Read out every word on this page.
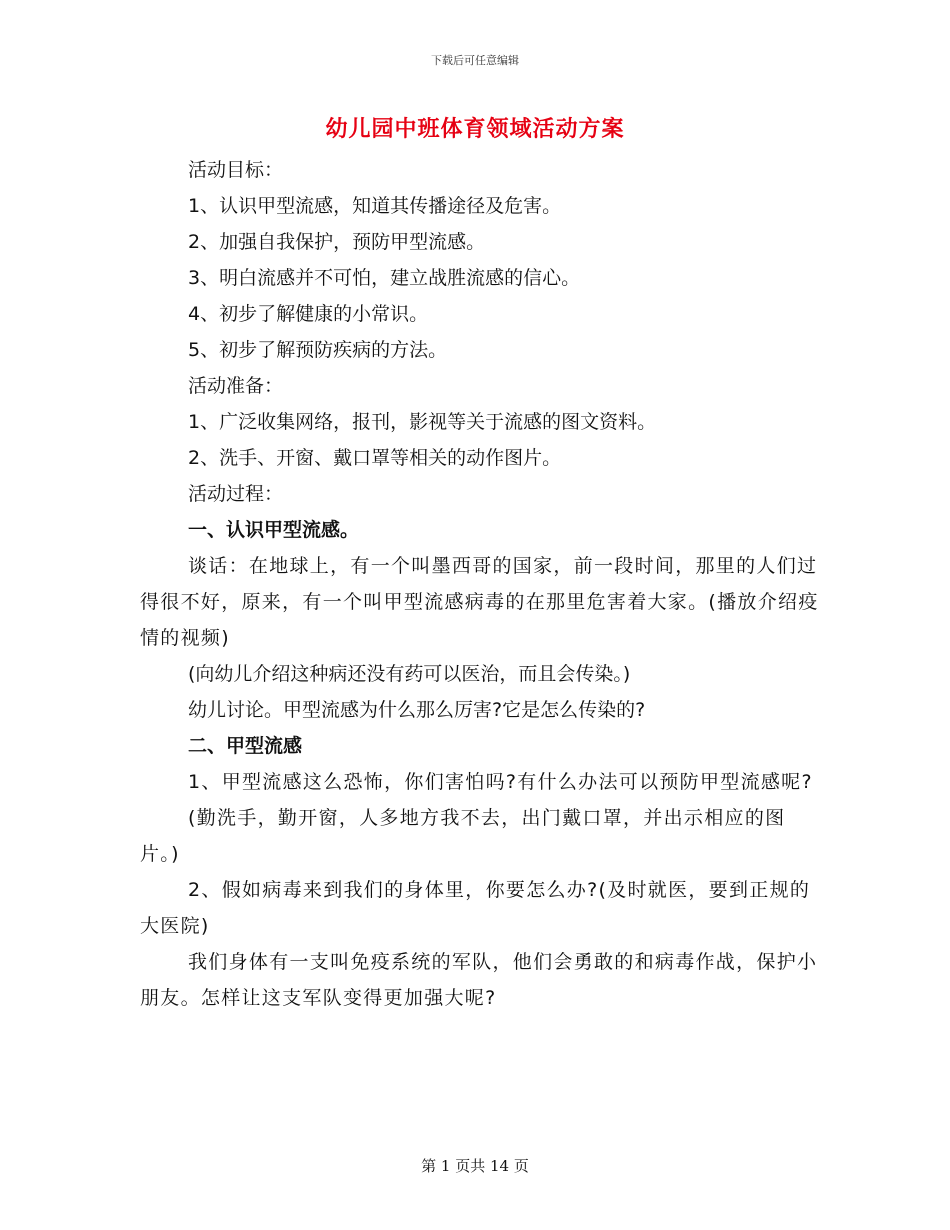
下载后可任意编辑
幼儿园中班体育领域活动方案

活动目标：

1、认识甲型流感，知道其传播途径及危害。

2、加强自我保护，预防甲型流感。

3、明白流感并不可怕，建立战胜流感的信心。

4、初步了解健康的小常识。

5、初步了解预防疾病的方法。

活动准备：

1、广泛收集网络，报刊，影视等关于流感的图文资料。

2、洗手、开窗、戴口罩等相关的动作图片。

活动过程：

一、认识甲型流感。

谈话：在地球上，有一个叫墨西哥的国家，前一段时间，那里的人们过得很不好，原来，有一个叫甲型流感病毒的在那里危害着大家。(播放介绍疫情的视频)

(向幼儿介绍这种病还没有药可以医治，而且会传染。)

幼儿讨论。甲型流感为什么那么厉害?它是怎么传染的?

二、甲型流感

1、甲型流感这么恐怖，你们害怕吗?有什么办法可以预防甲型流感呢?

(勤洗手，勤开窗，人多地方我不去，出门戴口罩，并出示相应的图片。)

2、假如病毒来到我们的身体里，你要怎么办?(及时就医，要到正规的大医院)

我们身体有一支叫免疫系统的军队，他们会勇敢的和病毒作战，保护小朋友。怎样让这支军队变得更加强大呢?

第 1 页共 14 页
